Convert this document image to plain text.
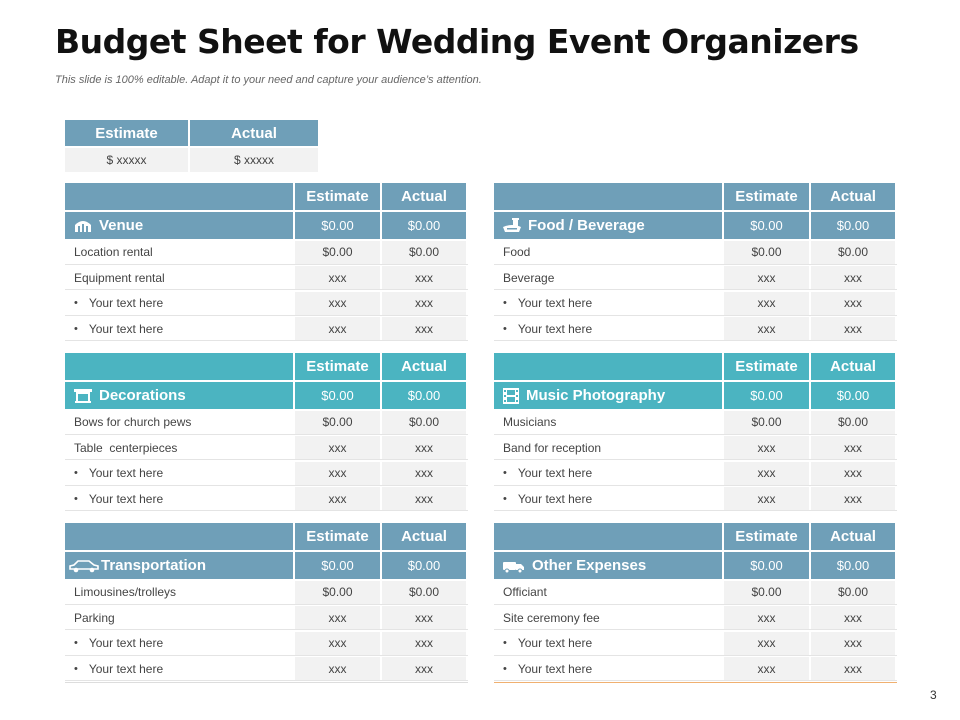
Budget Sheet for Wedding Event Organizers
This slide is 100% editable. Adapt it to your need and capture your audience’s attention.
Estimate	Actual
$ xxxxx	$ xxxxx
Estimate	Actual
Venue	$0.00	$0.00
Location rental	$0.00	$0.00
Equipment rental	xxx	xxx
• Your text here	xxx	xxx
• Your text here	xxx	xxx
Estimate	Actual
Food / Beverage	$0.00	$0.00
Food	$0.00	$0.00
Beverage	xxx	xxx
• Your text here	xxx	xxx
• Your text here	xxx	xxx
Estimate	Actual
Decorations	$0.00	$0.00
Bows for church pews	$0.00	$0.00
Table  centerpieces	xxx	xxx
• Your text here	xxx	xxx
• Your text here	xxx	xxx
Estimate	Actual
Music Photography	$0.00	$0.00
Musicians	$0.00	$0.00
Band for reception	xxx	xxx
• Your text here	xxx	xxx
• Your text here	xxx	xxx
Estimate	Actual
Transportation	$0.00	$0.00
Limousines/trolleys	$0.00	$0.00
Parking	xxx	xxx
• Your text here	xxx	xxx
• Your text here	xxx	xxx
Estimate	Actual
Other Expenses	$0.00	$0.00
Officiant	$0.00	$0.00
Site ceremony fee	xxx	xxx
• Your text here	xxx	xxx
• Your text here	xxx	xxx
3
